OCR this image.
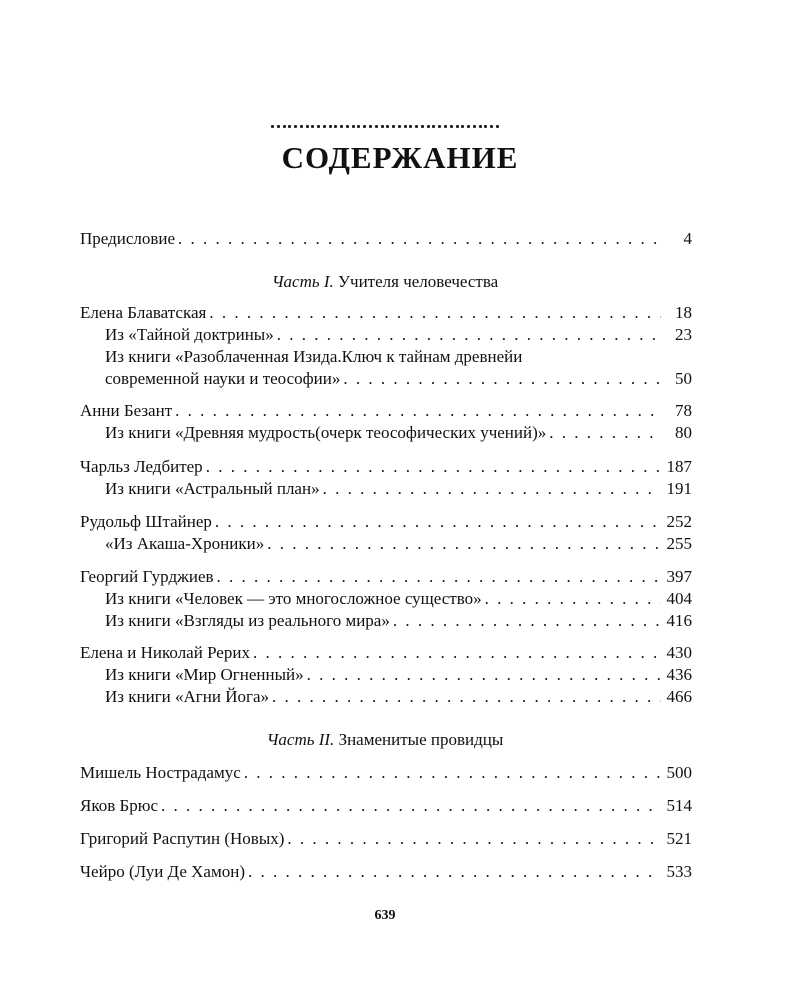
СОДЕРЖАНИЕ
Предисловие . . .	4
Часть I. Учителя человечества
Елена Блаватская . . .	18
Из «Тайной доктрины» . . .	23
Из книги «Разоблаченная Изида.Ключ к тайнам древнейи
современной науки и теософии» . . .	50
Анни Безант . . .	78
Из книги «Древняя мудрость(очерк теософических учений)» . . .	80
Чарльз Ледбитер . . .	187
Из книги «Астральный план» . . .	191
Рудольф Штайнер . . .	252
«Из Акаша-Хроники» . . .	255
Георгий Гурджиев . . .	397
Из книги «Человек — это многосложное существо» . . .	404
Из книги «Взгляды из реального мира» . . .	416
Елена и Николай Рерих . . .	430
Из книги «Мир Огненный» . . .	436
Из книги «Агни Йога» . . .	466
Часть II. Знаменитые провидцы
Мишель Нострадамус . . .	500
Яков Брюс . . .	514
Григорий Распутин (Новых) . . .	521
Чейро (Луи Де Хамон) . . .	533
639
